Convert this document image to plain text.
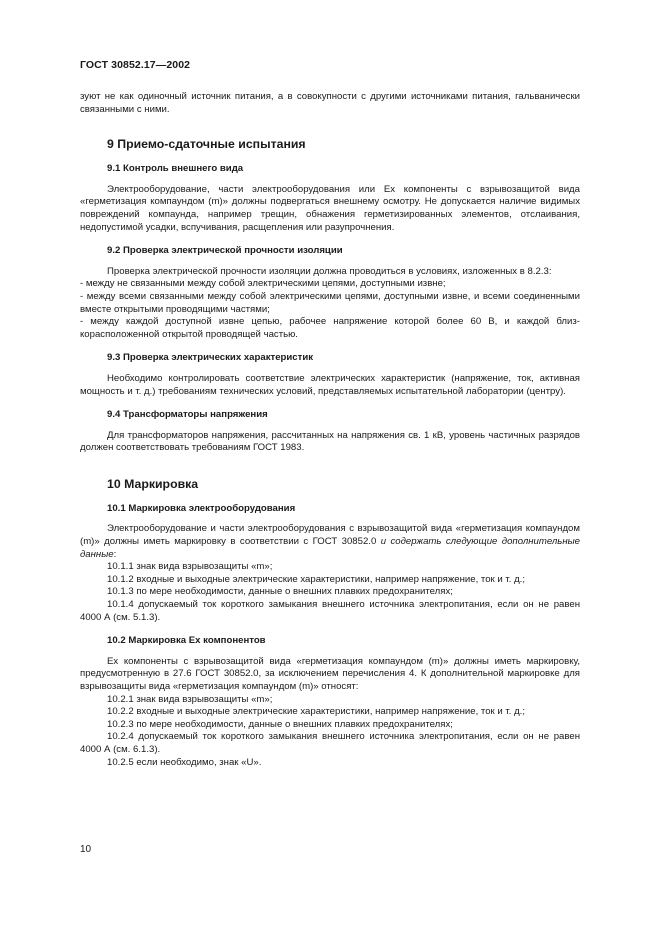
ГОСТ 30852.17—2002

зуют не как одиночный источник питания, а в совокупности с другими источниками питания, гальванически связанными с ними.

9 Приемо-сдаточные испытания
9.1 Контроль внешнего вида

Электрооборудование, части электрооборудования или Ex компоненты с взрывозащитой вида «герметизация компаундом (m)» должны подвергаться внешнему осмотру. Не допускается наличие видимых повреждений компаунда, например трещин, обнажения герметизированных элементов, отслаивания, недопустимой усадки, вспучивания, расщепления или разупрочнения.

9.2 Проверка электрической прочности изоляции

Проверка электрической прочности изоляции должна проводиться в условиях, изложенных в 8.2.3:

- между не связанными между собой электрическими цепями, доступными извне;

- между всеми связанными между собой электрическими цепями, доступными извне, и всеми соединенными вместе открытыми проводящими частями;

- между каждой доступной извне цепью, рабочее напряжение которой более 60 В, и каждой близкорасположенной открытой проводящей частью.

9.3 Проверка электрических характеристик

Необходимо контролировать соответствие электрических характеристик (напряжение, ток, активная мощность и т. д.) требованиям технических условий, представляемых испытательной лаборатории (центру).

9.4 Трансформаторы напряжения

Для трансформаторов напряжения, рассчитанных на напряжения св. 1 кВ, уровень частичных разрядов должен соответствовать требованиям ГОСТ 1983.

10 Маркировка
10.1 Маркировка электрооборудования

Электрооборудование и части электрооборудования с взрывозащитой вида «герметизация компаундом (m)» должны иметь маркировку в соответствии с ГОСТ 30852.0 и содержать следующие дополнительные данные:

10.1.1 знак вида взрывозащиты «m»;

10.1.2 входные и выходные электрические характеристики, например напряжение, ток и т. д.;

10.1.3 по мере необходимости, данные о внешних плавких предохранителях;

10.1.4 допускаемый ток короткого замыкания внешнего источника электропитания, если он не равен 4000 А (см. 5.1.3).

10.2 Маркировка Ex компонентов

Ex компоненты с взрывозащитой вида «герметизация компаундом (m)» должны иметь маркировку, предусмотренную в 27.6 ГОСТ 30852.0, за исключением перечисления 4. К дополнительной маркировке для взрывозащиты вида «герметизация компаундом (m)» относят:

10.2.1 знак вида взрывозащиты «m»;

10.2.2 входные и выходные электрические характеристики, например напряжение, ток и т. д.;

10.2.3 по мере необходимости, данные о внешних плавких предохранителях;

10.2.4 допускаемый ток короткого замыкания внешнего источника электропитания, если он не равен 4000 А (см. 6.1.3).

10.2.5 если необходимо, знак «U».

10
